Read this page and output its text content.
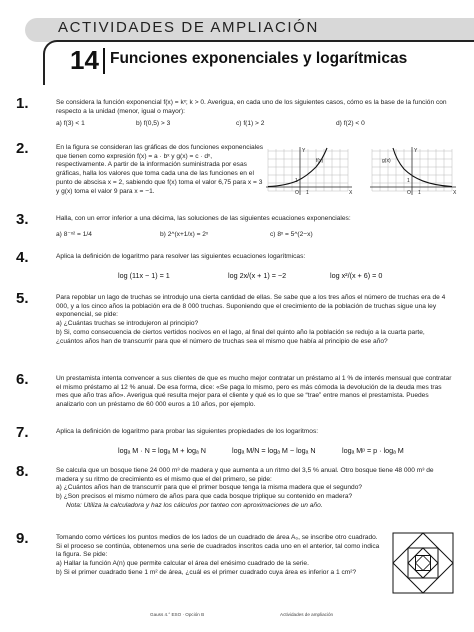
ACTIVIDADES DE AMPLIACIÓN
14 Funciones exponenciales y logarítmicas
1.	Se considera la función exponencial f(x) = kˣ; k > 0. Averigua, en cada uno de los siguientes casos, cómo es la base de la función con respecto a la unidad (menor, igual o mayor):
a) f(3) < 1	b) f(0,5) > 3	c) f(1) > 2	d) f(2) < 0
2.	En la figura se consideran las gráficas de dos funciones exponenciales que tienen como expresión f(x) = a · bˣ y g(x) = c · dˣ, respectivamente. A partir de la información suministrada por esas gráficas, halla los valores que toma cada una de las funciones en el punto de abscisa x = 2, sabiendo que f(x) toma el valor 6,75 para x = 3 y g(x) toma el valor 9 para x = −1.
Y
X
f(x)
O 1
1
Y
X
g(x)
O 1
1
3.	Halla, con un error inferior a una décima, las soluciones de las siguientes ecuaciones exponenciales:
a) 8⁻ˣ² = 1/4	b) 2^(x+1/x) = 2ˣ	c) 8ˣ = 5^(2−x)
4.	Aplica la definición de logaritmo para resolver las siguientes ecuaciones logarítmicas:
log (11x − 1) = 1	log 2x/(x + 1) = −2	log x²/(x + 6) = 0
5.	Para repoblar un lago de truchas se introdujo una cierta cantidad de ellas. Se sabe que a los tres años el número de truchas era de 4 000, y a los cinco años la población era de 8 000 truchas. Suponiendo que el crecimiento de la población de truchas sigue una ley exponencial, se pide:
a) ¿Cuántas truchas se introdujeron al principio?
b) Si, como consecuencia de ciertos vertidos nocivos en el lago, al final del quinto año la población se redujo a la cuarta parte, ¿cuántos años han de transcurrir para que el número de truchas sea el mismo que había al principio de ese año?
6.	Un prestamista intenta convencer a sus clientes de que es mucho mejor contratar un préstamo al 1 % de interés mensual que contratar el mismo préstamo al 12 % anual. De esa forma, dice: «Se paga lo mismo, pero es más cómoda la devolución de la deuda mes tras mes que año tras año». Averigua qué resulta mejor para el cliente y qué es lo que se “trae” entre manos el prestamista. Puedes analizarlo con un préstamo de 60 000 euros a 10 años, por ejemplo.
7.	Aplica la definición de logaritmo para probar las siguientes propiedades de los logaritmos:
logₐ M · N = logₐ M + logₐ N	logₐ M/N = logₐ M − logₐ N	logₐ Mᵖ = p · logₐ M
8.	Se calcula que un bosque tiene 24 000 m³ de madera y que aumenta a un ritmo del 3,5 % anual. Otro bosque tiene 48 000 m³ de madera y su ritmo de crecimiento es el mismo que el del primero, se pide:
a) ¿Cuántos años han de transcurrir para que el primer bosque tenga la misma madera que el segundo?
b) ¿Son precisos el mismo número de años para que cada bosque triplique su contenido en madera?
Nota: Utiliza la calculadora y haz los cálculos por tanteo con aproximaciones de un año.
9.	Tomando como vértices los puntos medios de los lados de un cuadrado de área A₀, se inscribe otro cuadrado. Si el proceso se continúa, obtenemos una serie de cuadrados inscritos cada uno en el anterior, tal como indica la figura. Se pide:
a) Hallar la función A(n) que permite calcular el área del enésimo cuadrado de la serie.
b) Si el primer cuadrado tiene 1 m² de área, ¿cuál es el primer cuadrado cuya área es inferior a 1 cm²?
Gauss 4.° ESO · Opción B	Actividades de ampliación
